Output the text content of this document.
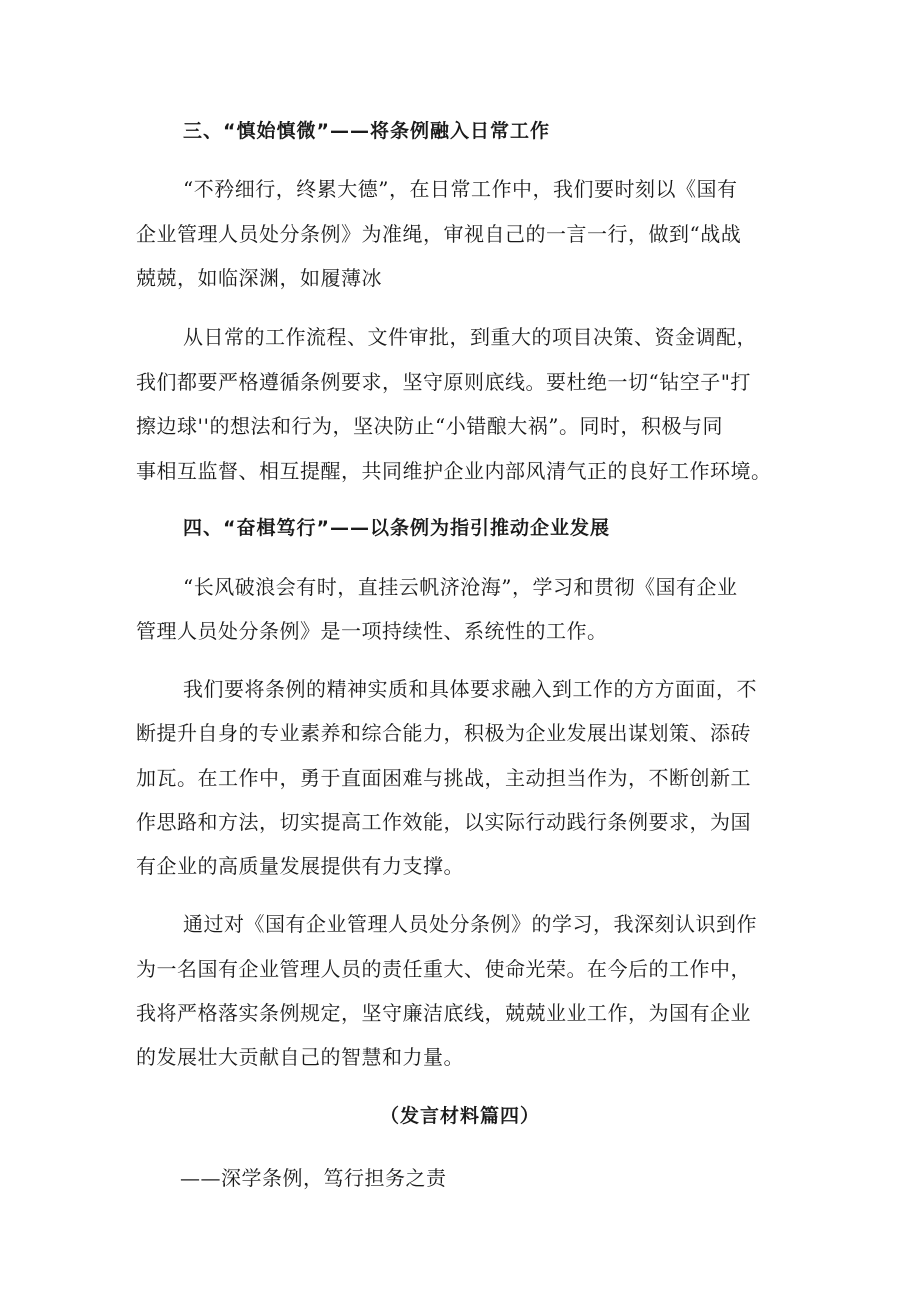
三、“慎始慎微”——将条例融入日常工作
“不矜细行，终累大德”，在日常工作中，我们要时刻以《国有
企业管理人员处分条例》为准绳，审视自己的一言一行，做到“战战
兢兢，如临深渊，如履薄冰
从日常的工作流程、文件审批，到重大的项目决策、资金调配，
我们都要严格遵循条例要求，坚守原则底线。要杜绝一切“钻空子"打
擦边球''的想法和行为，坚决防止“小错酿大祸”。同时，积极与同
事相互监督、相互提醒，共同维护企业内部风清气正的良好工作环境。
四、“奋楫笃行”——以条例为指引推动企业发展
“长风破浪会有时，直挂云帆济沧海”，学习和贯彻《国有企业
管理人员处分条例》是一项持续性、系统性的工作。
我们要将条例的精神实质和具体要求融入到工作的方方面面，不
断提升自身的专业素养和综合能力，积极为企业发展出谋划策、添砖
加瓦。在工作中，勇于直面困难与挑战，主动担当作为，不断创新工
作思路和方法，切实提高工作效能，以实际行动践行条例要求，为国
有企业的高质量发展提供有力支撑。
通过对《国有企业管理人员处分条例》的学习，我深刻认识到作
为一名国有企业管理人员的责任重大、使命光荣。在今后的工作中，
我将严格落实条例规定，坚守廉洁底线，兢兢业业工作，为国有企业
的发展壮大贡献自己的智慧和力量。
（发言材料篇四）
——深学条例，笃行担务之责
